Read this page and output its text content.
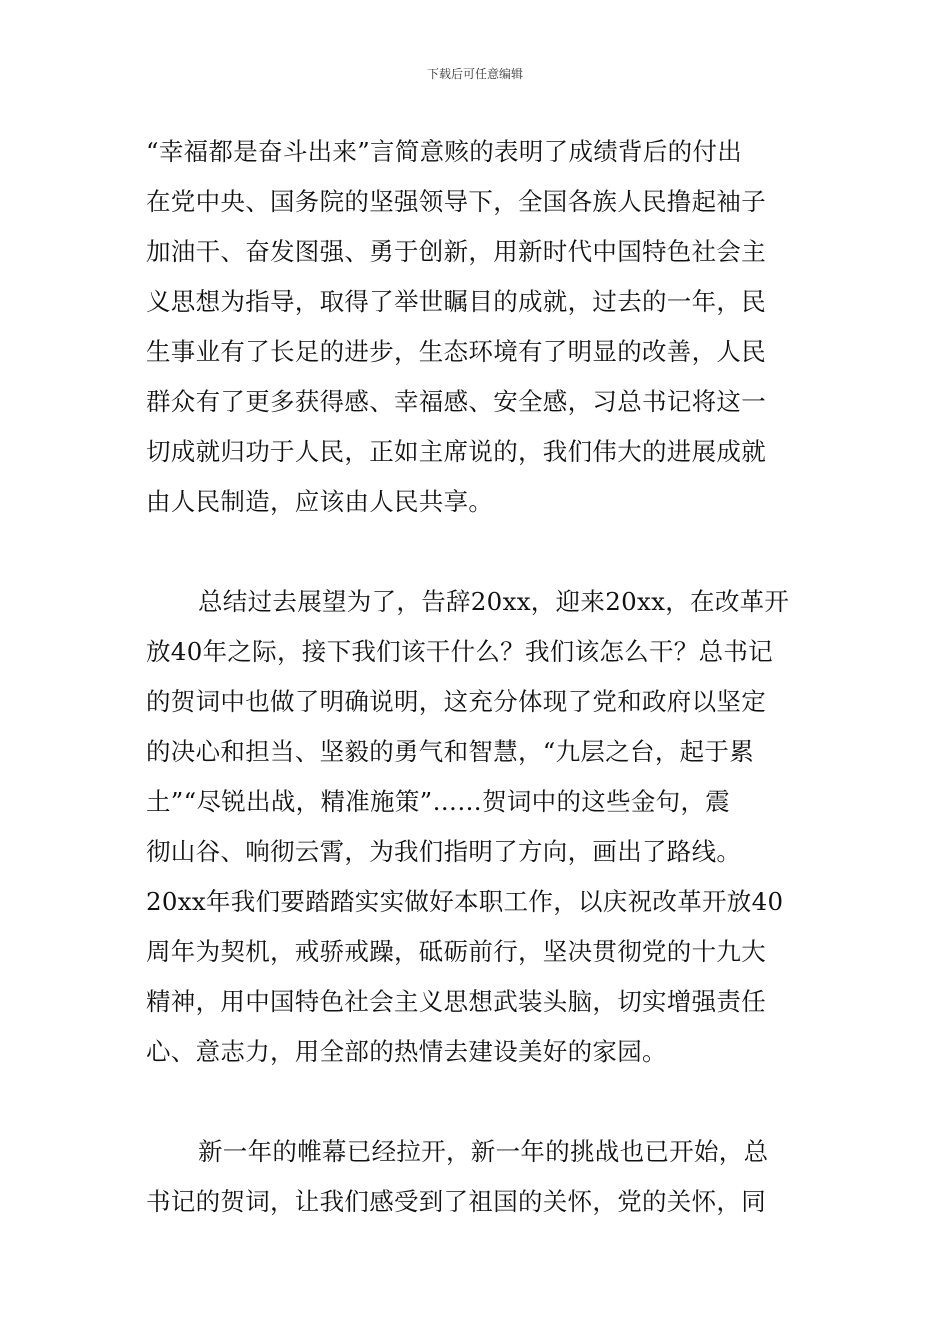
下载后可任意编辑
“幸福都是奋斗出来”言简意赅的表明了成绩背后的付出
在党中央、国务院的坚强领导下，全国各族人民撸起袖子
加油干、奋发图强、勇于创新，用新时代中国特色社会主
义思想为指导，取得了举世瞩目的成就，过去的一年，民
生事业有了长足的进步，生态环境有了明显的改善，人民
群众有了更多获得感、幸福感、安全感，习总书记将这一
切成就归功于人民，正如主席说的，我们伟大的进展成就
由人民制造，应该由人民共享。
总结过去展望为了，告辞20xx，迎来20xx，在改革开
放40年之际，接下我们该干什么？我们该怎么干？总书记
的贺词中也做了明确说明，这充分体现了党和政府以坚定
的决心和担当、坚毅的勇气和智慧，“九层之台，起于累
土”“尽锐出战，精准施策”……贺词中的这些金句，震
彻山谷、响彻云霄，为我们指明了方向，画出了路线。
20xx年我们要踏踏实实做好本职工作，以庆祝改革开放40
周年为契机，戒骄戒躁，砥砺前行，坚决贯彻党的十九大
精神，用中国特色社会主义思想武装头脑，切实增强责任
心、意志力，用全部的热情去建设美好的家园。
新一年的帷幕已经拉开，新一年的挑战也已开始，总
书记的贺词，让我们感受到了祖国的关怀，党的关怀，同
